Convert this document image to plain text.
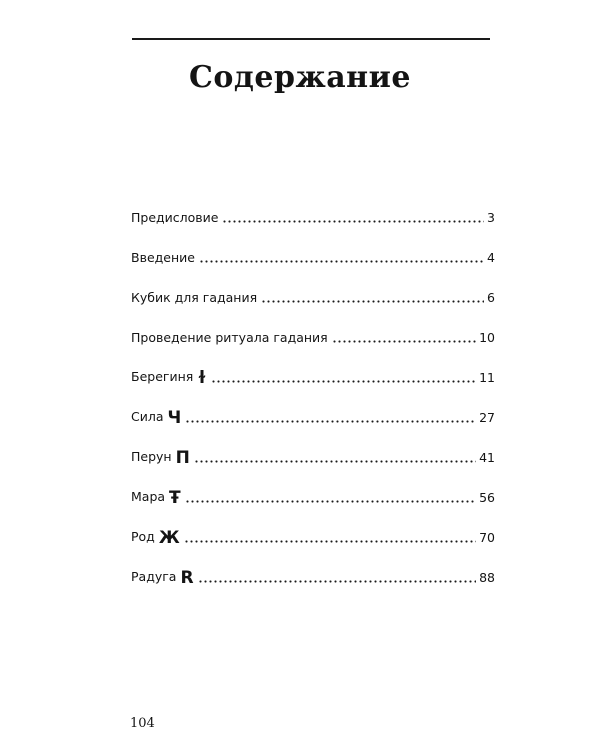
Содержание
Предисловие	3
Введение	4
Кубик для гадания	6
Проведение ритуала гадания	10
Берегиня ɫ	11
Сила Ч	27
Перун П	41
Мара Ŧ	56
Род Ж	70
Радуга R	88
104
